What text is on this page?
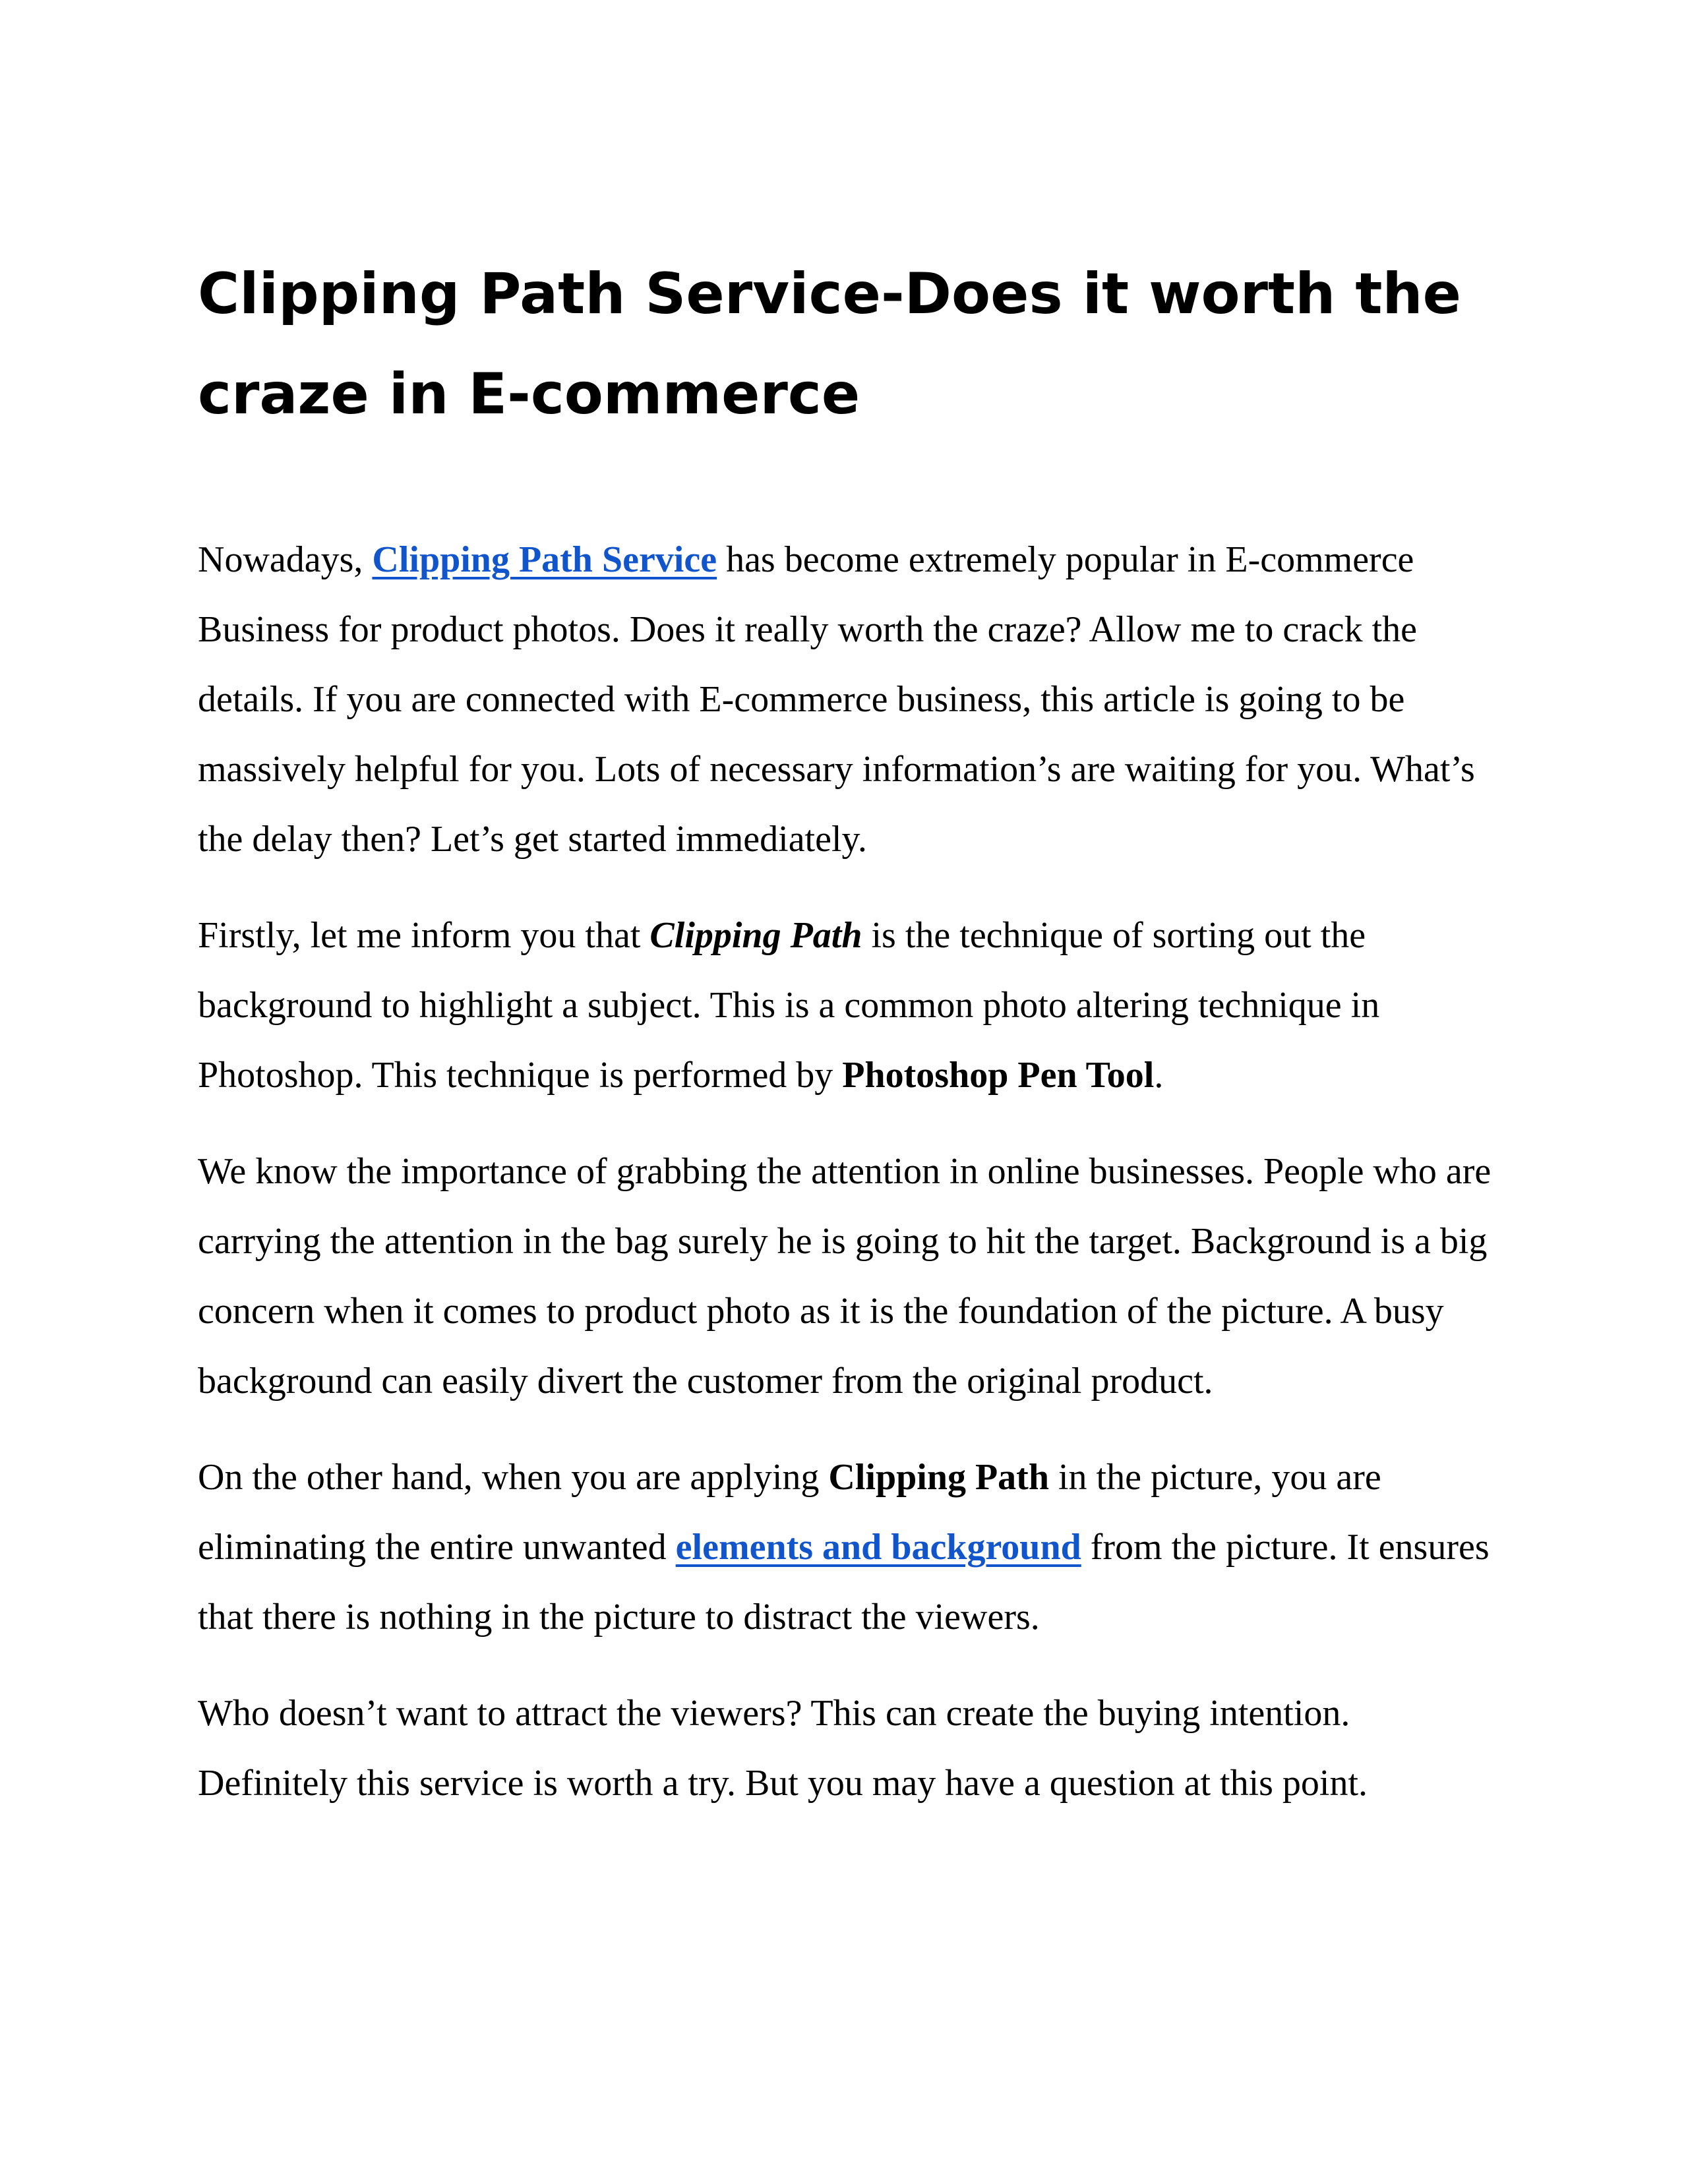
Clipping Path Service-Does it worth the craze in E-commerce

Nowadays, Clipping Path Service has become extremely popular in E-commerce Business for product photos. Does it really worth the craze? Allow me to crack the details. If you are connected with E-commerce business, this article is going to be massively helpful for you. Lots of necessary information’s are waiting for you. What’s the delay then? Let’s get started immediately.

Firstly, let me inform you that Clipping Path is the technique of sorting out the background to highlight a subject. This is a common photo altering technique in Photoshop. This technique is performed by Photoshop Pen Tool.

We know the importance of grabbing the attention in online businesses. People who are carrying the attention in the bag surely he is going to hit the target. Background is a big concern when it comes to product photo as it is the foundation of the picture. A busy background can easily divert the customer from the original product.

On the other hand, when you are applying Clipping Path in the picture, you are eliminating the entire unwanted elements and background from the picture. It ensures that there is nothing in the picture to distract the viewers.

Who doesn’t want to attract the viewers? This can create the buying intention. Definitely this service is worth a try. But you may have a question at this point.
